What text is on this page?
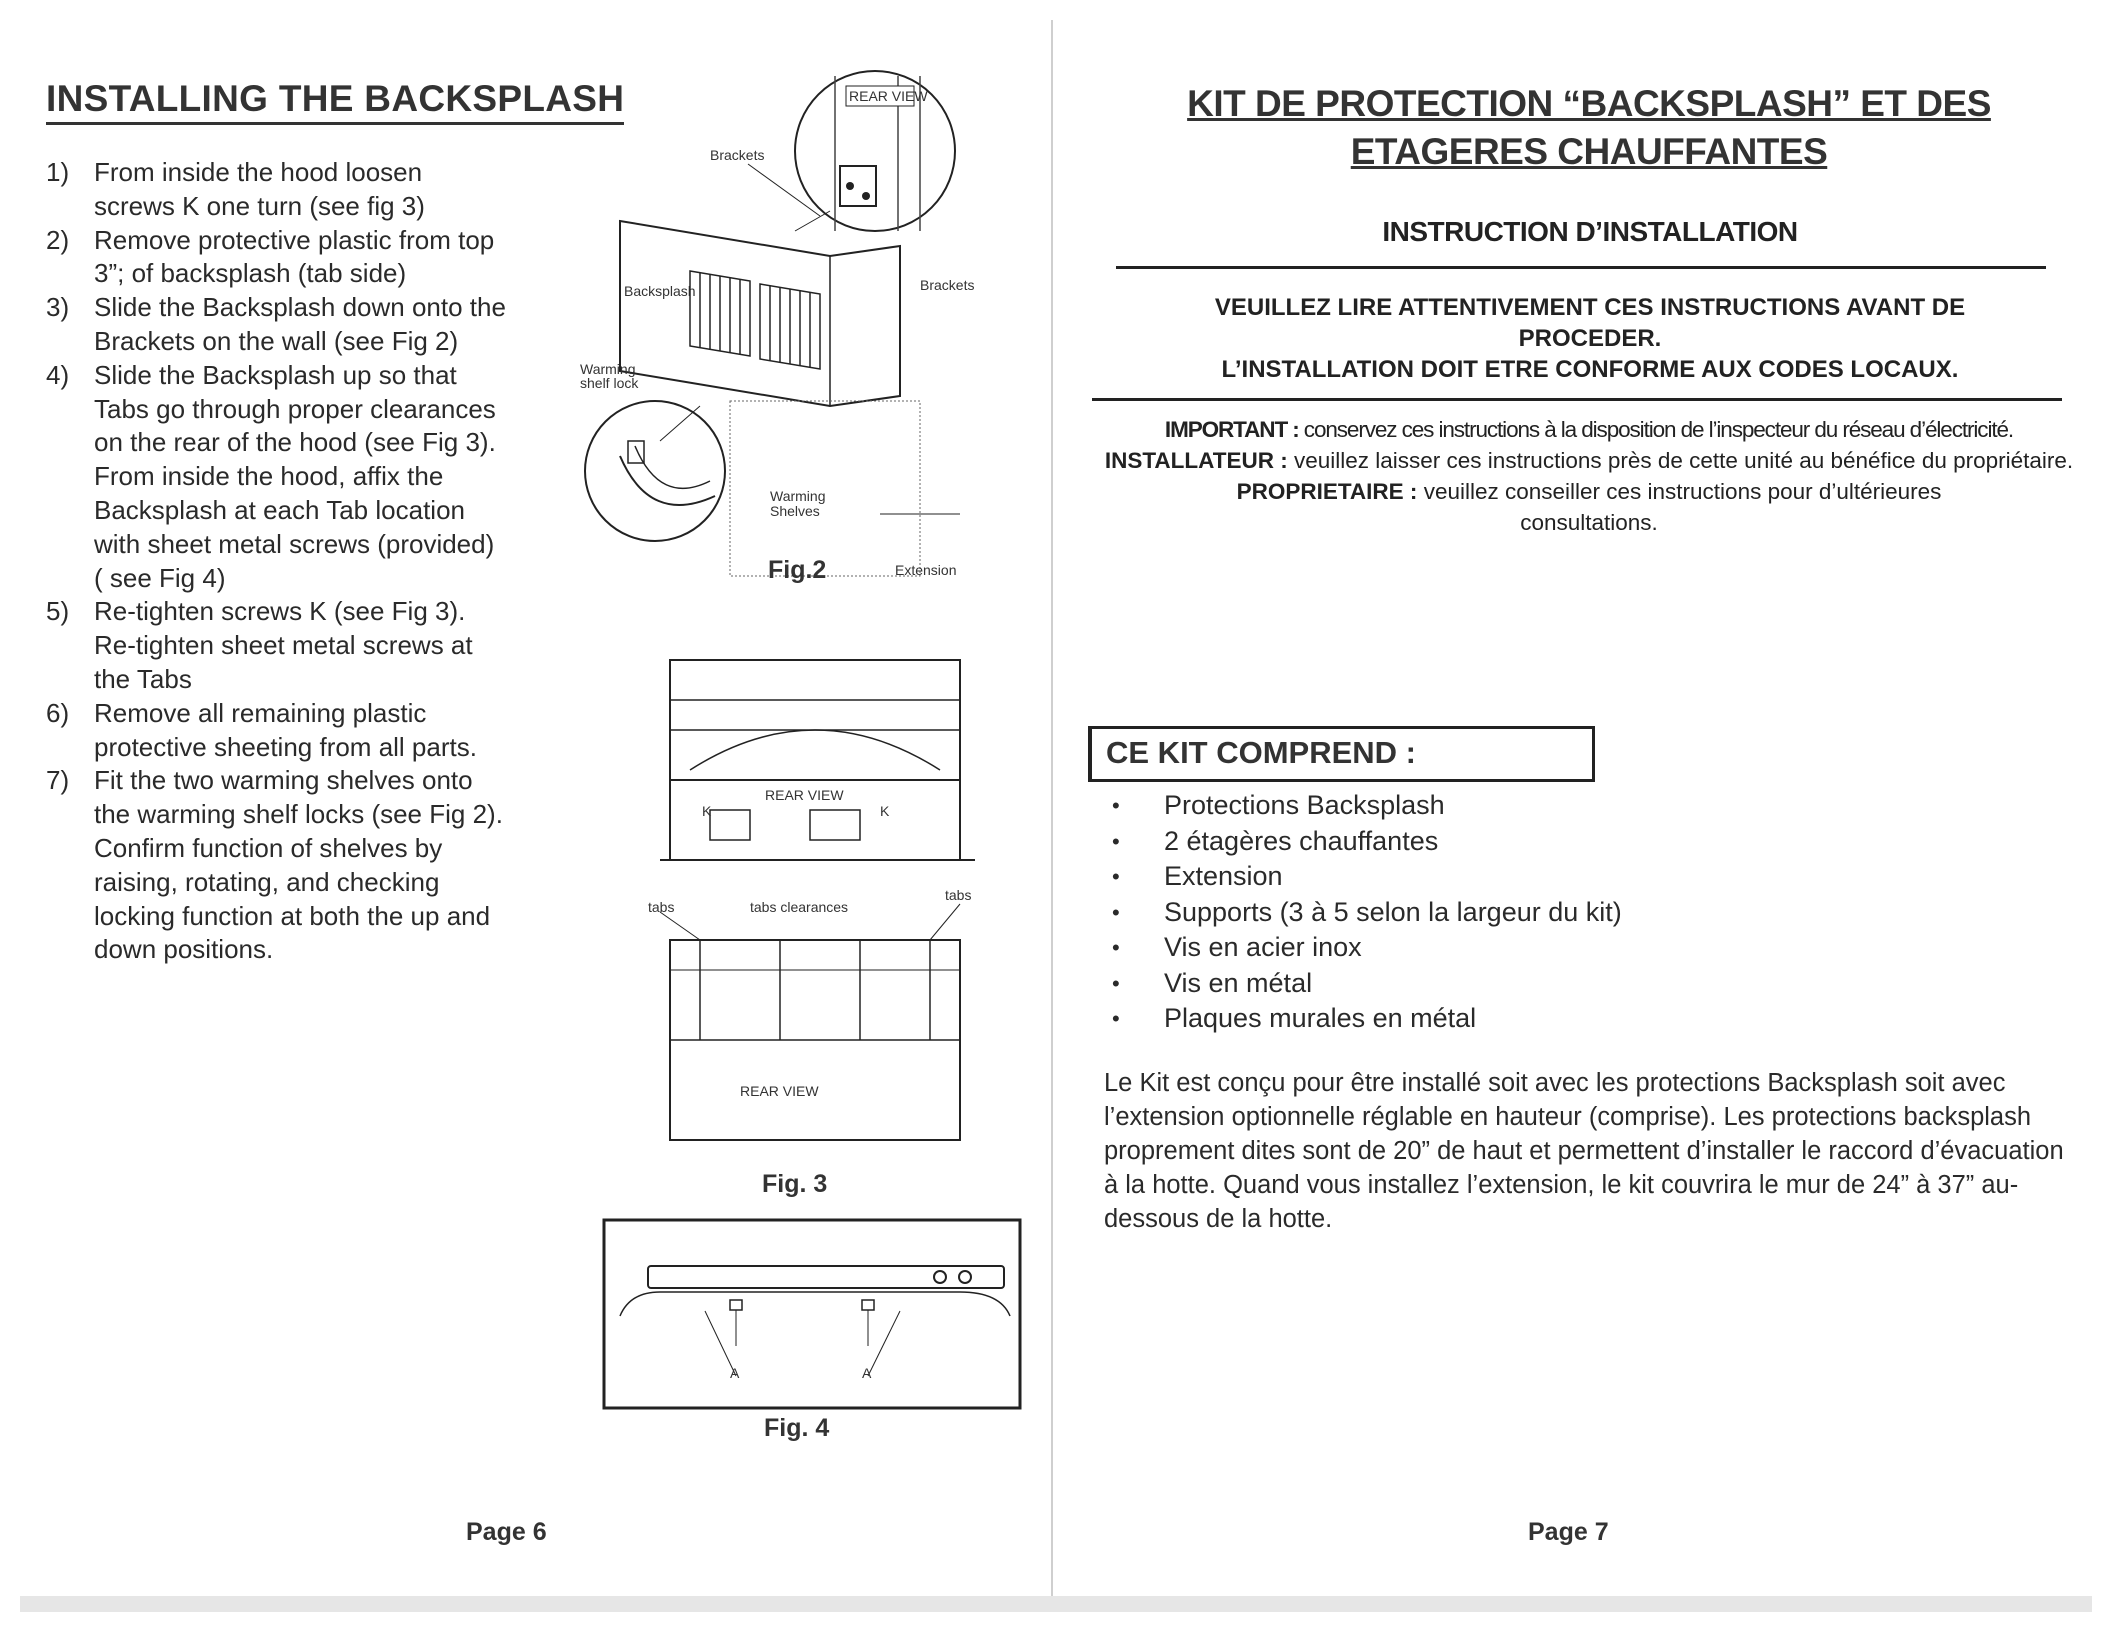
INSTALLING THE BACKSPLASH
1) From inside the hood loosen screws K one turn (see fig 3)
2) Remove protective plastic from top 3”; of backsplash (tab side)
3) Slide the Backsplash down onto the Brackets on the wall (see Fig 2)
4) Slide the Backsplash up so that Tabs go through proper clearances on the rear of the hood (see Fig 3). From inside the hood, affix the Backsplash at each Tab location with sheet metal screws (provided) ( see Fig 4)
5) Re-tighten screws K (see Fig 3). Re-tighten sheet metal screws at the Tabs
6) Remove all remaining plastic protective sheeting from all parts.
7) Fit the two warming shelves onto the warming shelf locks (see Fig 2). Confirm function of shelves by raising, rotating, and checking locking function at both the up and down positions.
REAR VIEW
Brackets
Backsplash	Brackets
Warming
shelf lock
Warming
Shelves
Extension
Fig.2
REAR VIEW
K	K
tabs
tabs
tabs clearances
REAR VIEW
Fig. 3
A	A
Fig. 4
Page 6
KIT DE PROTECTION “BACKSPLASH” ET DES
ETAGERES CHAUFFANTES
INSTRUCTION D’INSTALLATION
VEUILLEZ LIRE ATTENTIVEMENT CES INSTRUCTIONS AVANT DE
PROCEDER.
L’INSTALLATION DOIT ETRE CONFORME AUX CODES LOCAUX.
IMPORTANT : conservez ces instructions à la disposition de l’inspecteur du réseau d’électricité.
INSTALLATEUR : veuillez laisser ces instructions près de cette unité au bénéfice du propriétaire.
PROPRIETAIRE : veuillez conseiller ces instructions pour d’ultérieures consultations.
CE KIT COMPREND :
• Protections Backsplash
• 2 étagères chauffantes
• Extension
• Supports (3 à 5 selon la largeur du kit)
• Vis en acier inox
• Vis en métal
• Plaques murales en métal

Le Kit est conçu pour être installé soit avec les protections Backsplash soit avec l’extension optionnelle réglable en hauteur (comprise). Les protections backsplash proprement dites sont de 20” de haut et permettent d’installer le raccord d’évacuation à la hotte. Quand vous installez l’extension, le kit couvrira le mur de 24” à 37” au-dessous de la hotte.

Page 7
